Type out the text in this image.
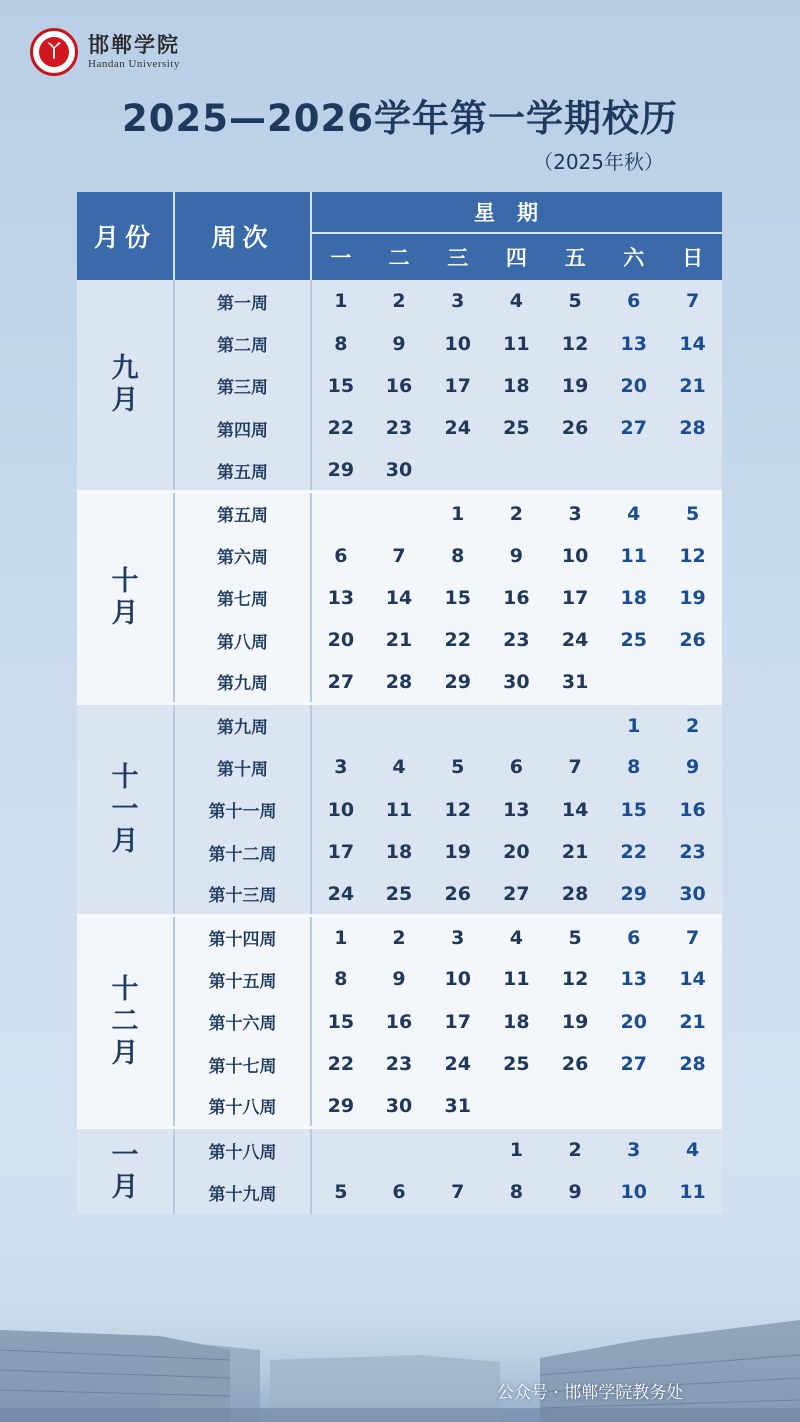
丫 邯郸学院
Handan University
2025—2026学年第一学期校历
（2025年秋）
月份	周次	星期						
		一	二	三	四	五	六	日

九
月	第一周	1	2	3	4	5	6	7
	第二周	8	9	10	11	12	13	14
	第三周	15	16	17	18	19	20	21
	第四周	22	23	24	25	26	27	28
	第五周	29	30					

十
月	第五周			1	2	3	4	5
	第六周	6	7	8	9	10	11	12
	第七周	13	14	15	16	17	18	19
	第八周	20	21	22	23	24	25	26
	第九周	27	28	29	30	31		

十
一
月	第九周						1	2
	第十周	3	4	5	6	7	8	9
	第十一周	10	11	12	13	14	15	16
	第十二周	17	18	19	20	21	22	23
	第十三周	24	25	26	27	28	29	30

十
二
月	第十四周	1	2	3	4	5	6	7
	第十五周	8	9	10	11	12	13	14
	第十六周	15	16	17	18	19	20	21
	第十七周	22	23	24	25	26	27	28
	第十八周	29	30	31				

一
月	第十八周				1	2	3	4
	第十九周	5	6	7	8	9	10	11
公众号 · 邯郸学院教务处
